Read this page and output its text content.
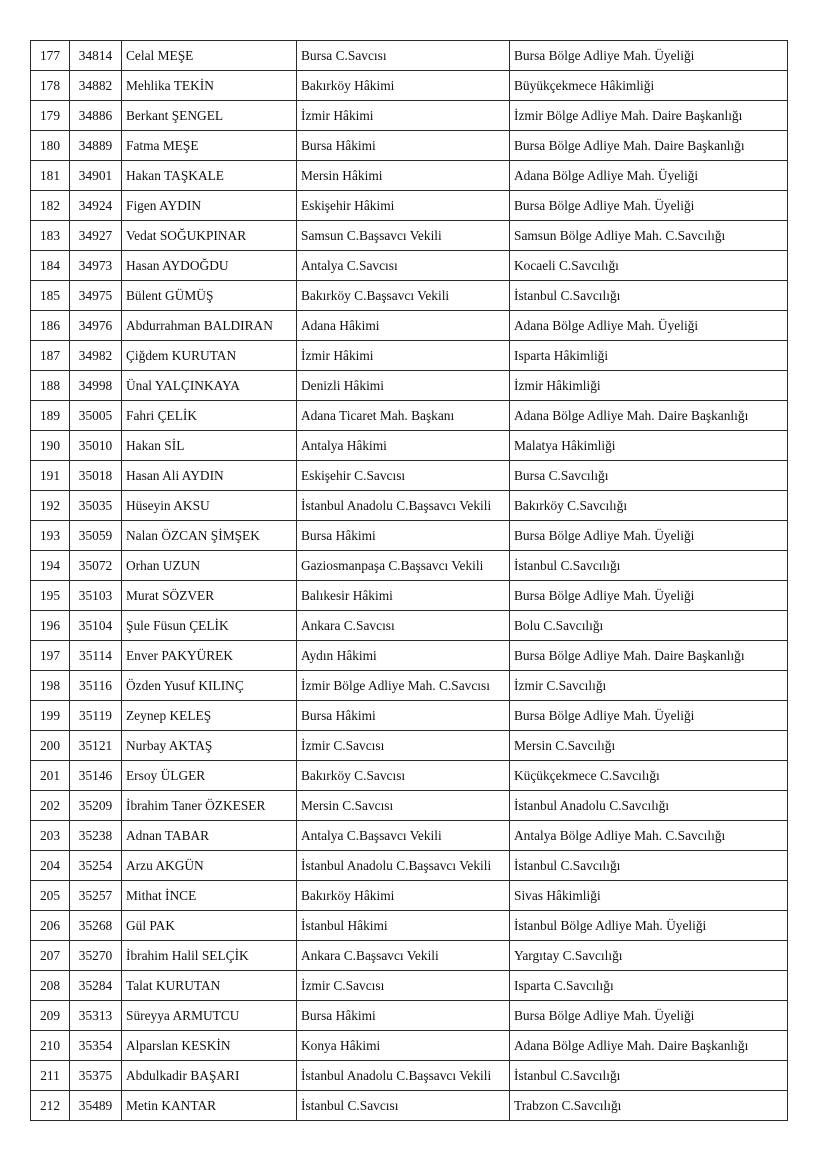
177	34814	Celal MEŞE	Bursa C.Savcısı	Bursa Bölge Adliye Mah. Üyeliği
178	34882	Mehlika TEKİN	Bakırköy Hâkimi	Büyükçekmece Hâkimliği
179	34886	Berkant ŞENGEL	İzmir Hâkimi	İzmir Bölge Adliye Mah. Daire Başkanlığı
180	34889	Fatma MEŞE	Bursa Hâkimi	Bursa Bölge Adliye Mah. Daire Başkanlığı
181	34901	Hakan TAŞKALE	Mersin Hâkimi	Adana Bölge Adliye Mah. Üyeliği
182	34924	Figen AYDIN	Eskişehir Hâkimi	Bursa Bölge Adliye Mah. Üyeliği
183	34927	Vedat SOĞUKPINAR	Samsun C.Başsavcı Vekili	Samsun Bölge Adliye Mah. C.Savcılığı
184	34973	Hasan AYDOĞDU	Antalya C.Savcısı	Kocaeli C.Savcılığı
185	34975	Bülent GÜMÜŞ	Bakırköy C.Başsavcı Vekili	İstanbul C.Savcılığı
186	34976	Abdurrahman BALDIRAN	Adana Hâkimi	Adana Bölge Adliye Mah. Üyeliği
187	34982	Çiğdem KURUTAN	İzmir Hâkimi	Isparta Hâkimliği
188	34998	Ünal YALÇINKAYA	Denizli Hâkimi	İzmir Hâkimliği
189	35005	Fahri ÇELİK	Adana Ticaret Mah. Başkanı	Adana Bölge Adliye Mah. Daire Başkanlığı
190	35010	Hakan SİL	Antalya Hâkimi	Malatya Hâkimliği
191	35018	Hasan Ali AYDIN	Eskişehir C.Savcısı	Bursa C.Savcılığı
192	35035	Hüseyin AKSU	İstanbul Anadolu C.Başsavcı Vekili	Bakırköy C.Savcılığı
193	35059	Nalan ÖZCAN ŞİMŞEK	Bursa Hâkimi	Bursa Bölge Adliye Mah. Üyeliği
194	35072	Orhan UZUN	Gaziosmanpaşa C.Başsavcı Vekili	İstanbul C.Savcılığı
195	35103	Murat SÖZVER	Balıkesir Hâkimi	Bursa Bölge Adliye Mah. Üyeliği
196	35104	Şule Füsun ÇELİK	Ankara C.Savcısı	Bolu C.Savcılığı
197	35114	Enver PAKYÜREK	Aydın Hâkimi	Bursa Bölge Adliye Mah. Daire Başkanlığı
198	35116	Özden Yusuf KILINÇ	İzmir Bölge Adliye Mah. C.Savcısı	İzmir C.Savcılığı
199	35119	Zeynep KELEŞ	Bursa Hâkimi	Bursa Bölge Adliye Mah. Üyeliği
200	35121	Nurbay AKTAŞ	İzmir C.Savcısı	Mersin C.Savcılığı
201	35146	Ersoy ÜLGER	Bakırköy C.Savcısı	Küçükçekmece C.Savcılığı
202	35209	İbrahim Taner ÖZKESER	Mersin C.Savcısı	İstanbul Anadolu C.Savcılığı
203	35238	Adnan TABAR	Antalya C.Başsavcı Vekili	Antalya Bölge Adliye Mah. C.Savcılığı
204	35254	Arzu AKGÜN	İstanbul Anadolu C.Başsavcı Vekili	İstanbul C.Savcılığı
205	35257	Mithat İNCE	Bakırköy Hâkimi	Sivas Hâkimliği
206	35268	Gül PAK	İstanbul Hâkimi	İstanbul Bölge Adliye Mah. Üyeliği
207	35270	İbrahim Halil SELÇİK	Ankara C.Başsavcı Vekili	Yargıtay C.Savcılığı
208	35284	Talat KURUTAN	İzmir C.Savcısı	Isparta C.Savcılığı
209	35313	Süreyya ARMUTCU	Bursa Hâkimi	Bursa Bölge Adliye Mah. Üyeliği
210	35354	Alparslan KESKİN	Konya Hâkimi	Adana Bölge Adliye Mah. Daire Başkanlığı
211	35375	Abdulkadir BAŞARI	İstanbul Anadolu C.Başsavcı Vekili	İstanbul C.Savcılığı
212	35489	Metin KANTAR	İstanbul C.Savcısı	Trabzon C.Savcılığı
